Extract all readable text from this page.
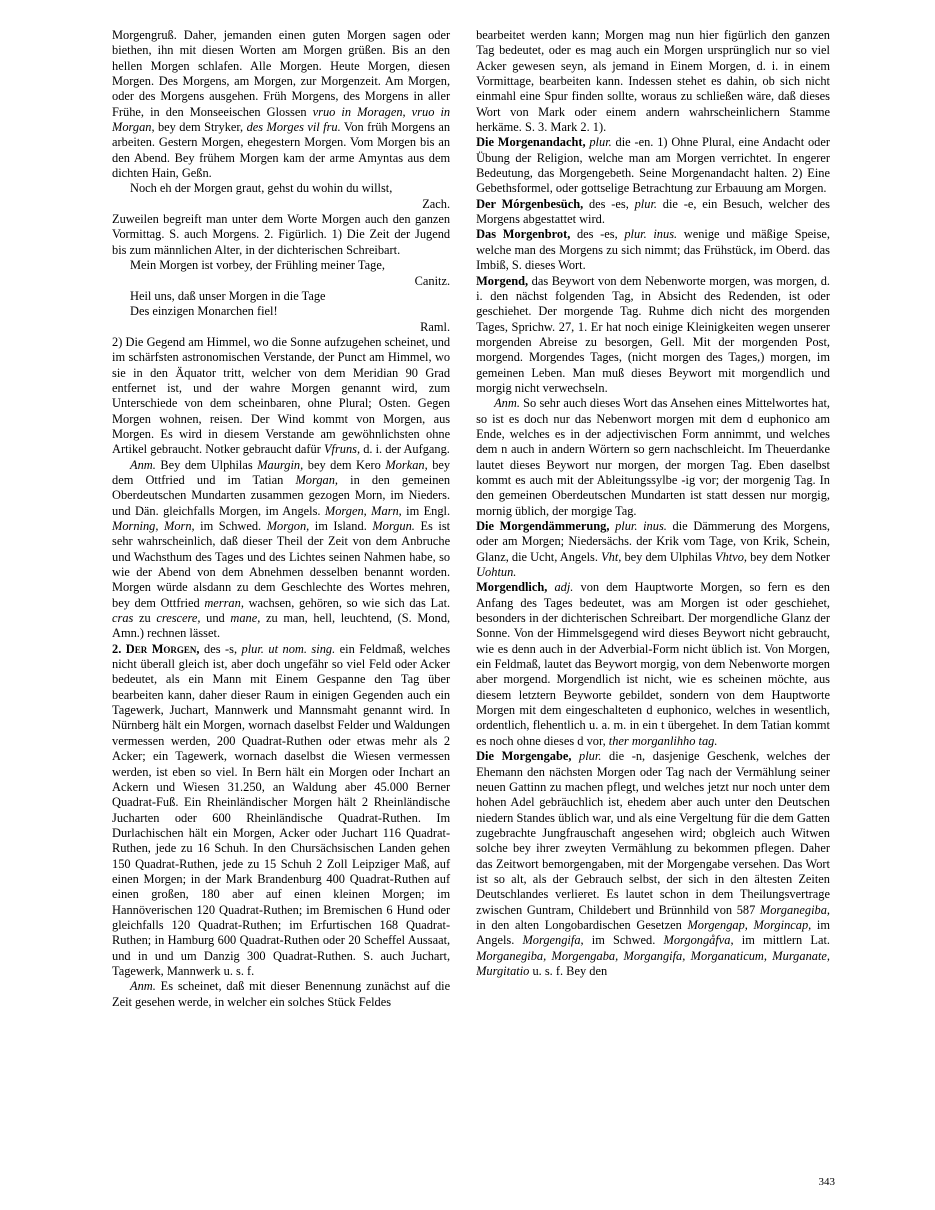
Morgengruß. Daher, jemanden einen guten Morgen sagen oder biethen, ihn mit diesen Worten am Morgen grüßen. Bis an den hellen Morgen schlafen. Alle Morgen. Heute Morgen, diesen Morgen. Des Morgens, am Morgen, zur Morgenzeit. Am Morgen, oder des Morgens ausgehen. Früh Morgens, des Morgens in aller Frühe, in den Monseeischen Glossen vruo in Moragen, vruo in Morgan, bey dem Stryker, des Morges vil fru. Von früh Morgens an arbeiten. Gestern Morgen, ehegestern Morgen. Vom Morgen bis an den Abend. Bey frühem Morgen kam der arme Amyntas aus dem dichten Hain, Geßn.

Noch eh der Morgen graut, gehst du wohin du willst,

Zach.

Zuweilen begreift man unter dem Worte Morgen auch den ganzen Vormittag. S. auch Morgens. 2. Figürlich. 1) Die Zeit der Jugend bis zum männlichen Alter, in der dichterischen Schreibart.

Mein Morgen ist vorbey, der Frühling meiner Tage,

Canitz.

Heil uns, daß unser Morgen in die Tage

Des einzigen Monarchen fiel!

Raml.

2) Die Gegend am Himmel, wo die Sonne aufzugehen scheinet, und im schärfsten astronomischen Verstande, der Punct am Himmel, wo sie in den Äquator tritt, welcher von dem Meridian 90 Grad entfernet ist, und der wahre Morgen genannt wird, zum Unterschiede von dem scheinbaren, ohne Plural; Osten. Gegen Morgen wohnen, reisen. Der Wind kommt von Morgen, aus Morgen. Es wird in diesem Verstande am gewöhnlichsten ohne Artikel gebraucht. Notker gebraucht dafür Vfruns, d. i. der Aufgang.

Anm. Bey dem Ulphilas Maurgin, bey dem Kero Morkan, bey dem Ottfried und im Tatian Morgan, in den gemeinen Oberdeutschen Mundarten zusammen gezogen Morn, im Nieders. und Dän. gleichfalls Morgen, im Angels. Morgen, Marn, im Engl. Morning, Morn, im Schwed. Morgon, im Island. Morgun. Es ist sehr wahrscheinlich, daß dieser Theil der Zeit von dem Anbruche und Wachsthum des Tages und des Lichtes seinen Nahmen habe, so wie der Abend von dem Abnehmen desselben benannt worden. Morgen würde alsdann zu dem Geschlechte des Wortes mehren, bey dem Ottfried merran, wachsen, gehören, so wie sich das Lat. cras zu crescere, und mane, zu man, hell, leuchtend, (S. Mond, Amn.) rechnen lässet.

2. Der Morgen, des -s, plur. ut nom. sing. ein Feldmaß, welches nicht überall gleich ist, aber doch ungefähr so viel Feld oder Acker bedeutet, als ein Mann mit Einem Gespanne den Tag über bearbeiten kann, daher dieser Raum in einigen Gegenden auch ein Tagewerk, Juchart, Mannwerk und Mannsmaht genannt wird. In Nürnberg hält ein Morgen, wornach daselbst Felder und Waldungen vermessen werden, 200 Quadrat-Ruthen oder etwas mehr als 2 Acker; ein Tagewerk, wornach daselbst die Wiesen vermessen werden, ist eben so viel. In Bern hält ein Morgen oder Inchart an Ackern und Wiesen 31.250, an Waldung aber 45.000 Berner Quadrat-Fuß. Ein Rheinländischer Morgen hält 2 Rheinländische Jucharten oder 600 Rheinländische Quadrat-Ruthen. Im Durlachischen hält ein Morgen, Acker oder Juchart 116 Quadrat-Ruthen, jede zu 16 Schuh. In den Chursächsischen Landen gehen 150 Quadrat-Ruthen, jede zu 15 Schuh 2 Zoll Leipziger Maß, auf einen Morgen; in der Mark Brandenburg 400 Quadrat-Ruthen auf einen großen, 180 aber auf einen kleinen Morgen; im Hannöverischen 120 Quadrat-Ruthen; im Bremischen 6 Hund oder gleichfalls 120 Quadrat-Ruthen; im Erfurtischen 168 Quadrat-Ruthen; in Hamburg 600 Quadrat-Ruthen oder 20 Scheffel Aussaat, und in und um Danzig 300 Quadrat-Ruthen. S. auch Juchart, Tagewerk, Mannwerk u. s. f.

Anm. Es scheinet, daß mit dieser Benennung zunächst auf die Zeit gesehen werde, in welcher ein solches Stück Feldes

bearbeitet werden kann; Morgen mag nun hier figürlich den ganzen Tag bedeutet, oder es mag auch ein Morgen ursprünglich nur so viel Acker gewesen seyn, als jemand in Einem Morgen, d. i. in einem Vormittage, bearbeiten kann. Indessen stehet es dahin, ob sich nicht einmahl eine Spur finden sollte, woraus zu schließen wäre, daß dieses Wort von Mark oder einem andern wahrscheinlichern Stamme herkäme. S. 3. Mark 2. 1).

Die Morgenandacht, plur. die -en. 1) Ohne Plural, eine Andacht oder Übung der Religion, welche man am Morgen verrichtet. In engerer Bedeutung, das Morgengebeth. Seine Morgenandacht halten. 2) Eine Gebethsformel, oder gottselige Betrachtung zur Erbauung am Morgen.

Der Mórgenbesüch, des -es, plur. die -e, ein Besuch, welcher des Morgens abgestattet wird.

Das Morgenbrot, des -es, plur. inus. wenige und mäßige Speise, welche man des Morgens zu sich nimmt; das Frühstück, im Oberd. das Imbiß, S. dieses Wort.

Morgend, das Beywort von dem Nebenworte morgen, was morgen, d. i. den nächst folgenden Tag, in Absicht des Redenden, ist oder geschiehet. Der morgende Tag. Ruhme dich nicht des morgenden Tages, Sprichw. 27, 1. Er hat noch einige Kleinigkeiten wegen unserer morgenden Abreise zu besorgen, Gell. Mit der morgenden Post, morgend. Morgendes Tages, (nicht morgen des Tages,) morgen, im gemeinen Leben. Man muß dieses Beywort mit morgendlich und morgig nicht verwechseln.

Anm. So sehr auch dieses Wort das Ansehen eines Mittelwortes hat, so ist es doch nur das Nebenwort morgen mit dem d euphonico am Ende, welches es in der adjectivischen Form annimmt, und welches dem n auch in andern Wörtern so gern nachschleicht. Im Theuerdanke lautet dieses Beywort nur morgen, der morgen Tag. Eben daselbst kommt es auch mit der Ableitungssylbe -ig vor; der morgenig Tag. In den gemeinen Oberdeutschen Mundarten ist statt dessen nur morgig, mornig üblich, der morgige Tag.

Die Morgendämmerung, plur. inus. die Dämmerung des Morgens, oder am Morgen; Niedersächs. der Krik vom Tage, von Krik, Schein, Glanz, die Ucht, Angels. Vht, bey dem Ulphilas Vhtvo, bey dem Notker Uohtun.

Morgendlich, adj. von dem Hauptworte Morgen, so fern es den Anfang des Tages bedeutet, was am Morgen ist oder geschiehet, besonders in der dichterischen Schreibart. Der morgendliche Glanz der Sonne. Von der Himmelsgegend wird dieses Beywort nicht gebraucht, wie es denn auch in der Adverbial-Form nicht üblich ist. Von Morgen, ein Feldmaß, lautet das Beywort morgig, von dem Nebenworte morgen aber morgend. Morgendlich ist nicht, wie es scheinen möchte, aus diesem letztern Beyworte gebildet, sondern von dem Hauptworte Morgen mit dem eingeschalteten d euphonico, welches in wesentlich, ordentlich, flehentlich u. a. m. in ein t übergehet. In dem Tatian kommt es noch ohne dieses d vor, ther morganlihho tag.

Die Morgengabe, plur. die -n, dasjenige Geschenk, welches der Ehemann den nächsten Morgen oder Tag nach der Vermählung seiner neuen Gattinn zu machen pflegt, und welches jetzt nur noch unter dem hohen Adel gebräuchlich ist, ehedem aber auch unter den Deutschen niedern Standes üblich war, und als eine Vergeltung für die dem Gatten zugebrachte Jungfrauschaft angesehen wird; obgleich auch Witwen solche bey ihrer zweyten Vermählung zu bekommen pflegen. Daher das Zeitwort bemorgengaben, mit der Morgengabe versehen. Das Wort ist so alt, als der Gebrauch selbst, der sich in den ältesten Zeiten Deutschlandes verlieret. Es lautet schon in dem Theilungsvertrage zwischen Guntram, Childebert und Brünnhild von 587 Morganegiba, in den alten Longobardischen Gesetzen Morgengap, Morgincap, im Angels. Morgengifa, im Schwed. Morgongåfva, im mittlern Lat. Morganegiba, Morgengaba, Morgangifa, Morganaticum, Murganate, Murgitatio u. s. f. Bey den

343
